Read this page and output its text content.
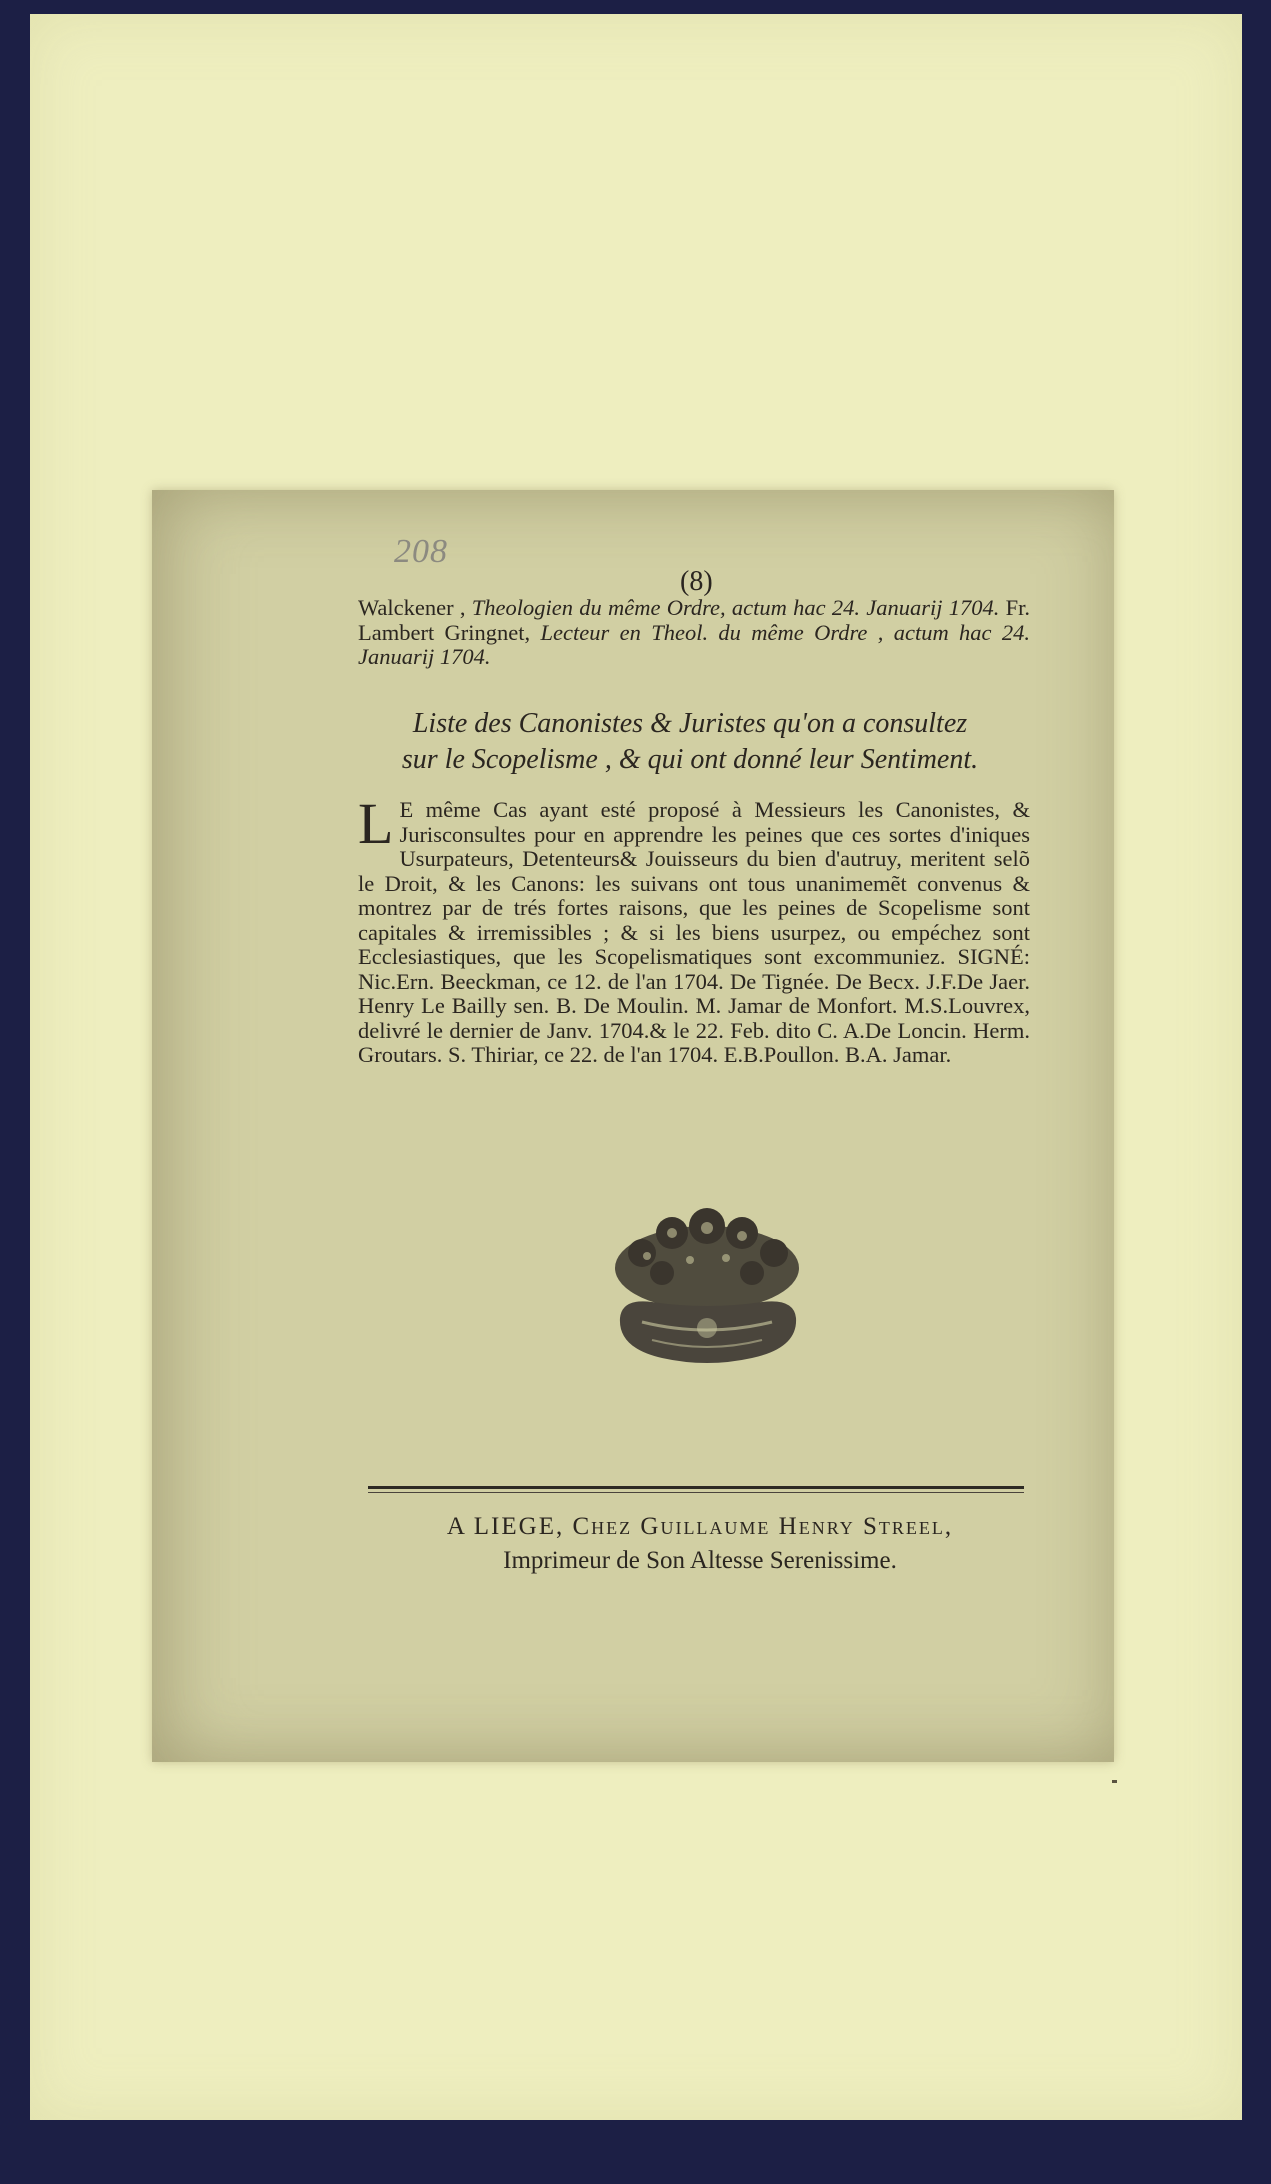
208
(8)
Walckener , Theologien du même Ordre, actum hac 24. Januarij 1704. Fr. Lambert Gringnet, Lecteur en Theol. du même Ordre , actum hac 24. Januarij 1704.
Liste des Canonistes & Juristes qu'on a consultez
sur le Scopelisme , & qui ont donné leur Sentiment.
L E même Cas ayant esté proposé à Messieurs les Canonistes, & Jurisconsultes pour en apprendre les peines que ces sortes d'iniques Usurpateurs, Detenteurs& Jouisseurs du bien d'autruy, meritent selõ le Droit, & les Canons: les suivans ont tous unanimemẽt convenus & montrez par de trés fortes raisons, que les peines de Scopelisme sont capitales & irremissibles ; & si les biens usurpez, ou empéchez sont Ecclesiastiques, que les Scopelismatiques sont excommuniez. SIGNÉ: Nic.Ern. Beeckman, ce 12. de l'an 1704. De Tignée. De Becx. J.F.De Jaer. Henry Le Bailly sen. B. De Moulin. M. Jamar de Monfort. M.S.Louvrex, delivré le dernier de Janv. 1704.& le 22. Feb. dito C. A.De Loncin. Herm. Groutars. S. Thiriar, ce 22. de l'an 1704. E.B.Poullon. B.A. Jamar.
A LIEGE, Chez Guillaume Henry Streel,
Imprimeur de Son Altesse Serenissime.
